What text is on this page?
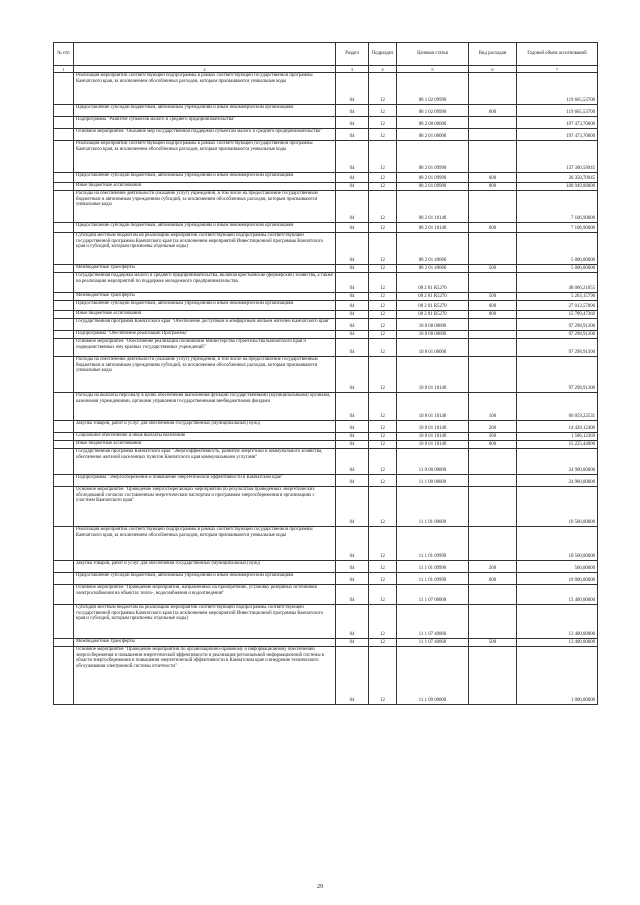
№ п/п		Раздел	Подраздел	Целевая статья	Вид расходов	Годовой объем ассигнований
1	2	3	4	5	6	7
	Реализация мероприятий соответствующей подпрограммы в рамках соответствующей государственной программы Камчатского края, за исключением обособленных расходов, которым присваиваются уникальные коды	04	12	08 1 02 09990		119 665,53700
	Предоставление субсидий бюджетным, автономным учреждениям и иным некоммерческим организациям	04	12	08 1 02 09990	600	119 665,53700
	Подпрограмма "Развитие субъектов малого и среднего предпринимательства"	04	12	08 2 00 00000		197 473,70000
	Основное мероприятие "Оказание мер государственной поддержки субъектам малого и среднего предпринимательства"	04	12	08 2 01 00000		197 473,70000
	Реализация мероприятий соответствующей подпрограммы в рамках соответствующей государственной программы Камчатского края, за исключением обособленных расходов, которым присваиваются уникальные коды	04	12	08 2 01 09990		137 300,58945
	Предоставление субсидий бюджетным, автономным учреждениям и иным некоммерческим организациям	04	12	08 2 01 09990	600	36 350,70945
	Иные бюджетные ассигнования	04	12	08 2 01 09990	800	100 949,88000
	Расходы на обеспечение деятельности (оказание услуг) учреждений, в том числе на предоставление государственным бюджетным и автономным учреждениям субсидий, за исключением обособленных расходов, которым присваиваются уникальные коды	04	12	08 2 01 10140		7 106,90000
	Предоставление субсидий бюджетным, автономным учреждениям и иным некоммерческим организациям	04	12	08 2 01 10140	600	7 106,90000
	Субсидии местным бюджетам на реализацию мероприятий соответствующей подпрограммы соответствующей государственной программы Камчатского края (за исключением мероприятий Инвестиционной программы Камчатского края и субсидий, которым присвоены отдельные коды)	04	12	08 2 01 40060		5 000,00000
	Межбюджетные трансферты	04	12	08 2 01 40060	500	5 000,00000
	Государственная поддержка малого и среднего предпринимательства, включая крестьянские (фермерские) хозяйства, а также на реализацию мероприятий по поддержке молодежного предпринимательства	04	12	08 2 01 R5270		48 066,21055
	Межбюджетные трансферты	04	12	08 2 01 R5270	500	5 263,15790
	Предоставление субсидий бюджетным, автономным учреждениям и иным некоммерческим организациям	04	12	08 2 01 R5270	600	27 013,57896
	Иные бюджетные ассигнования	04	12	08 2 01 R5270	800	15 789,47369
	Государственная программа Камчатского края "Обеспечение доступным и комфортным жильем жителей Камчатского края"	04	12	10 0 00 00000		97 298,91300
	Подпрограмма "Обеспечение реализации Программы"	04	12	10 8 00 00000		97 298,91300
	Основное мероприятие "Обеспечение реализации полномочий Министерства строительства Камчатского края и подведомственных ему краевых государственных учреждений"	04	12	10 8 01 00000		97 298,91300
	Расходы на обеспечение деятельности (оказание услуг) учреждений, в том числе на предоставление государственным бюджетным и автономным учреждениям субсидий, за исключением обособленных расходов, которым присваиваются уникальные коды	04	12	10 8 01 10140		97 298,91300
	Расходы на выплаты персоналу в целях обеспечения выполнения функций государственными (муниципальными) органами, казенными учреждениями, органами управления государственными внебюджетными фондами	04	12	10 8 01 10140	100	66 059,22531
	Закупка товаров, работ и услуг для обеспечения государственных (муниципальных) нужд	04	12	10 8 01 10140	200	14 428,12400
	Социальное обеспечение и иные выплаты населению	04	12	10 8 01 10140	300	1 586,12369
	Иные бюджетные ассигнования	04	12	10 8 01 10140	800	15 225,44000
	Государственная программа Камчатского края "Энергоэффективность, развитие энергетики и коммунального хозяйства, обеспечение жителей населенных пунктов Камчатского края коммунальными услугами"	04	12	11 0 00 00000		24 960,00000
	Подпрограмма "Энергосбережение и повышение энергетической эффективности в Камчатском крае"	04	12	11 1 00 00000		24 960,00000
	Основное мероприятие "Проведение энергосберегающих мероприятий по результатам проведенных энергетических обследований согласно составленным энергетическим паспортам и программам энергосбережения в организациях с участием Камчатского края"	04	12	11 1 01 00000		10 560,00000
	Реализация мероприятий соответствующей подпрограммы в рамках соответствующей государственной программы Камчатского края, за исключением обособленных расходов, которым присваиваются уникальные коды	04	12	11 1 01 09990		10 560,00000
	Закупка товаров, работ и услуг для обеспечения государственных (муниципальных) нужд	04	12	11 1 01 09990	200	560,00000
	Предоставление субсидий бюджетным, автономным учреждениям и иным некоммерческим организациям	04	12	11 1 01 09990	600	10 000,00000
	Основное мероприятие "Проведение мероприятий, направленных на приобретение, установку резервных источников электроснабжения на объектах тепло-, водоснабжения и водоотведения"	04	12	11 1 07 00000		13 400,00000
	Субсидии местным бюджетам на реализацию мероприятий соответствующей подпрограммы соответствующей государственной программы Камчатского края (за исключением мероприятий Инвестиционной программы Камчатского края и субсидий, которым присвоены отдельные коды)	04	12	11 1 07 40060		13 400,00000
	Межбюджетные трансферты	04	12	11 1 07 40060	500	13 400,00000
	Основное мероприятие "Проведение мероприятий по организационно-правовому и информационному обеспечению энергосбережения и повышения энергетической эффективности и реализация региональной информационной системы в области энергосбережения и повышения энергетической эффективности в Камчатском крае и внедрение технического обслуживания электронной системы отчетности"	04	12	11 1 09 00000		1 000,00000
29
